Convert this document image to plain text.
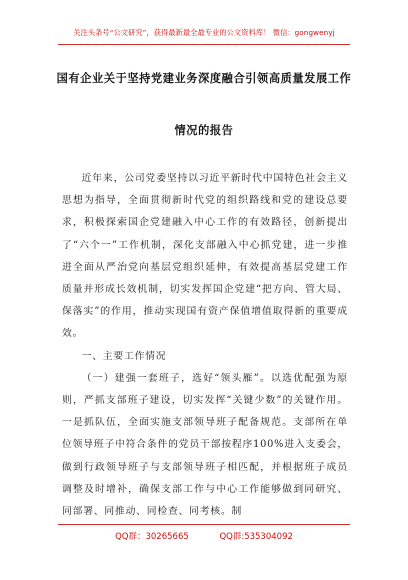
关注头条号“公文研究”，获得最新最全最专业的公文资料库！ 微信：gongwenyj
国有企业关于坚持党建业务深度融合引领高质量发展工作
情况的报告

近年来，公司党委坚持以习近平新时代中国特色社会主义思想为指导，全面贯彻新时代党的组织路线和党的建设总要求，积极探索国企党建融入中心工作的有效路径，创新提出了“六个一”工作机制，深化支部融入中心抓党建，进一步推进全面从严治党向基层党组织延伸，有效提高基层党建工作质量并形成长效机制，切实发挥国企党建“把方向、管大局、保落实”的作用，推动实现国有资产保值增值取得新的重要成效。

一、主要工作情况

（一）建强一套班子，选好“领头雁”。以选优配强为原则，严抓支部班子建设，切实发挥“关键少数”的关键作用。一是抓队伍，全面实施支部领导班子配备规范。支部所在单位领导班子中符合条件的党员干部按程序100%进入支委会，做到行政领导班子与支部领导班子相匹配，并根据班子成员调整及时增补，确保支部工作与中心工作能够做到同研究、同部署、同推动、同检查、同考核。制

QQ群：30265665	QQ群:535304092
